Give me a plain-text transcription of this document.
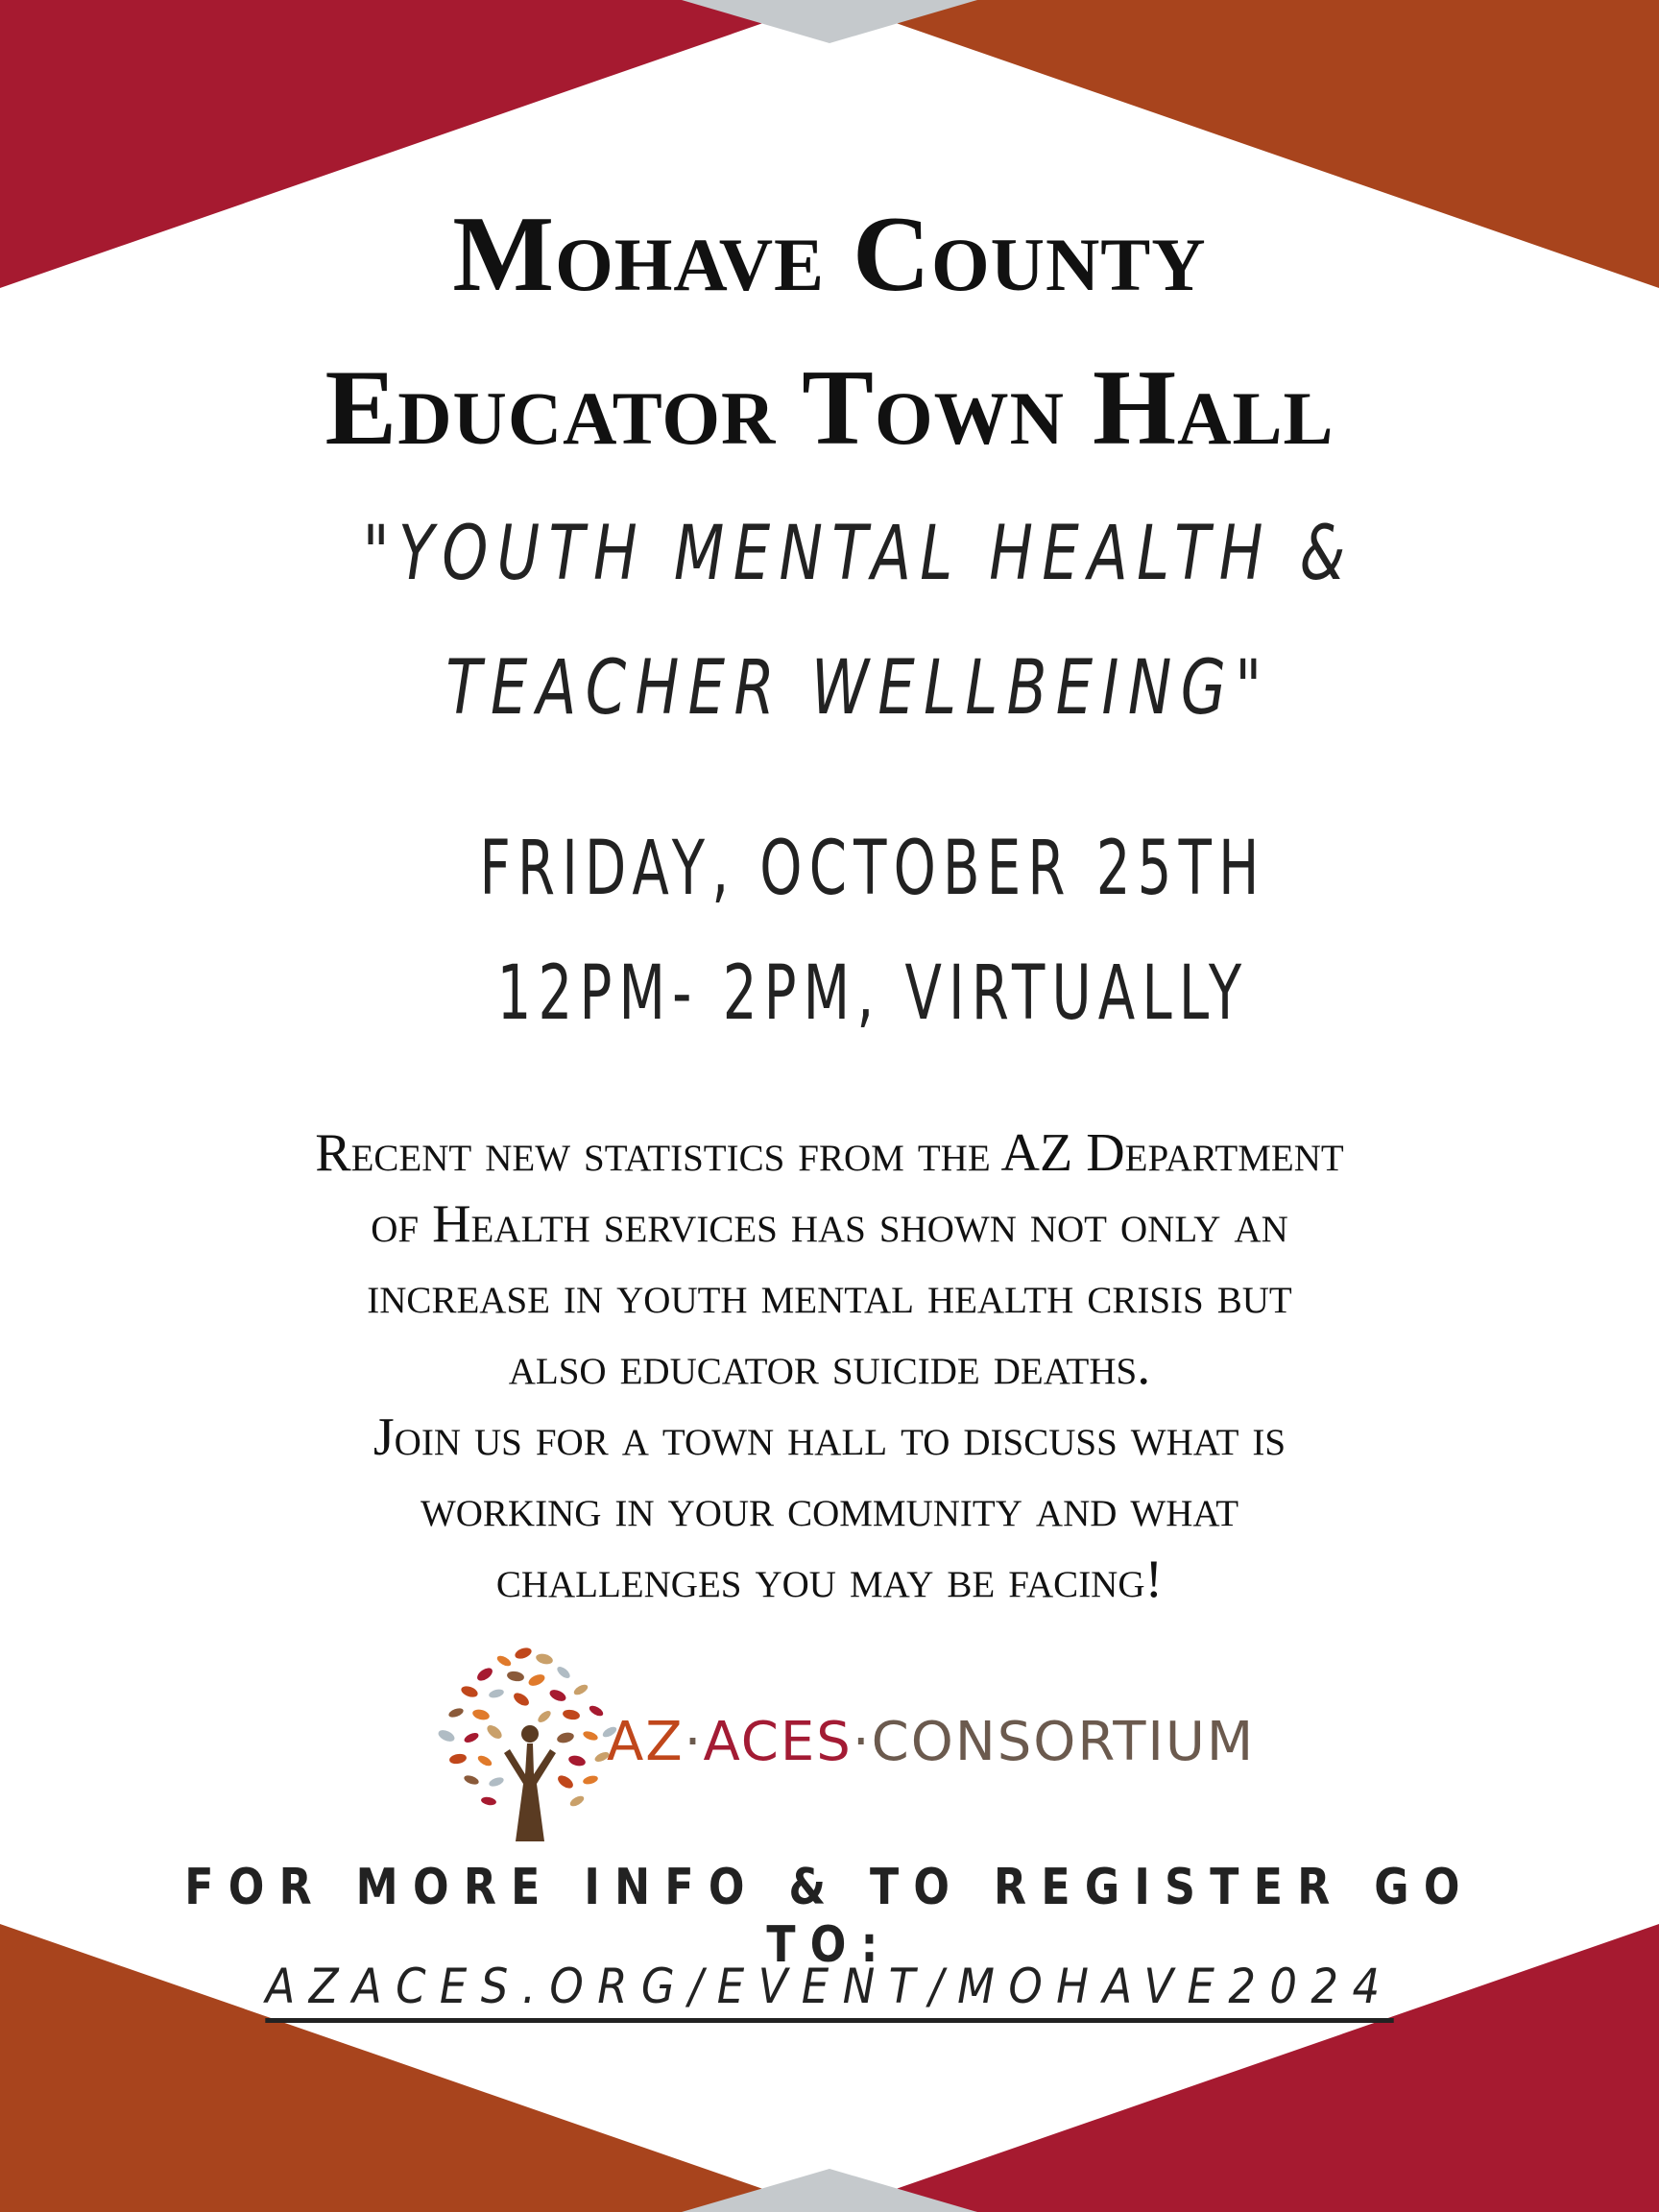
Mohave County
Educator Town Hall
"YOUTH MENTAL HEALTH &
TEACHER WELLBEING"
FRIDAY, OCTOBER 25TH
12PM- 2PM, VIRTUALLY
Recent new statistics from the AZ Department
of Health services has shown not only an
increase in youth mental health crisis but
also educator suicide deaths.
Join us for a town hall to discuss what is
working in your community and what
challenges you may be facing!
AZ·ACES·CONSORTIUM
FOR MORE INFO & TO REGISTER GO TO:
AZACES.ORG/EVENT/MOHAVE2024
